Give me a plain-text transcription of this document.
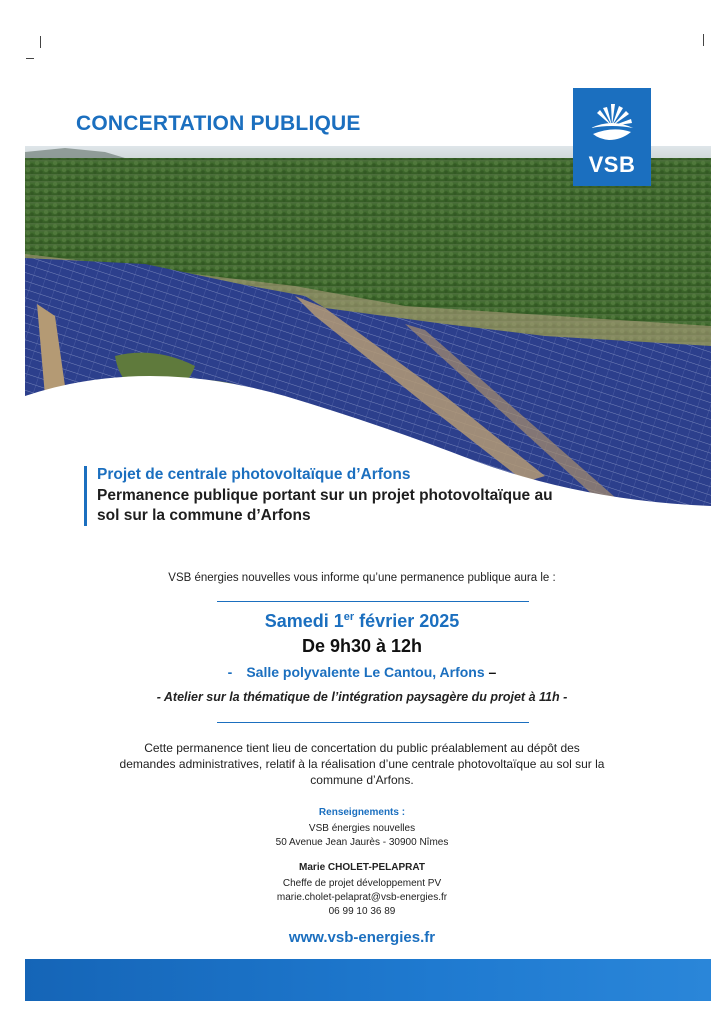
CONCERTATION PUBLIQUE
VSB

Projet de centrale photovoltaïque d’Arfons

Permanence publique portant sur un projet photovoltaïque au
sol sur la commune d’Arfons

VSB énergies nouvelles vous informe qu’une permanence publique aura le :
Samedi 1er février 2025
De 9h30 à 12h
- Salle polyvalente Le Cantou, Arfons –
- Atelier sur la thématique de l’intégration paysagère du projet à 11h -

Cette permanence tient lieu de concertation du public préalablement au dépôt des

demandes administratives, relatif à la réalisation d’une centrale photovoltaïque au sol sur la

commune d’Arfons.

Renseignements :
VSB énergies nouvelles
50 Avenue Jean Jaurès - 30900 Nîmes
Marie CHOLET-PELAPRAT
Cheffe de projet développement PV
marie.cholet-pelaprat@vsb-energies.fr
06 99 10 36 89
www.vsb-energies.fr
